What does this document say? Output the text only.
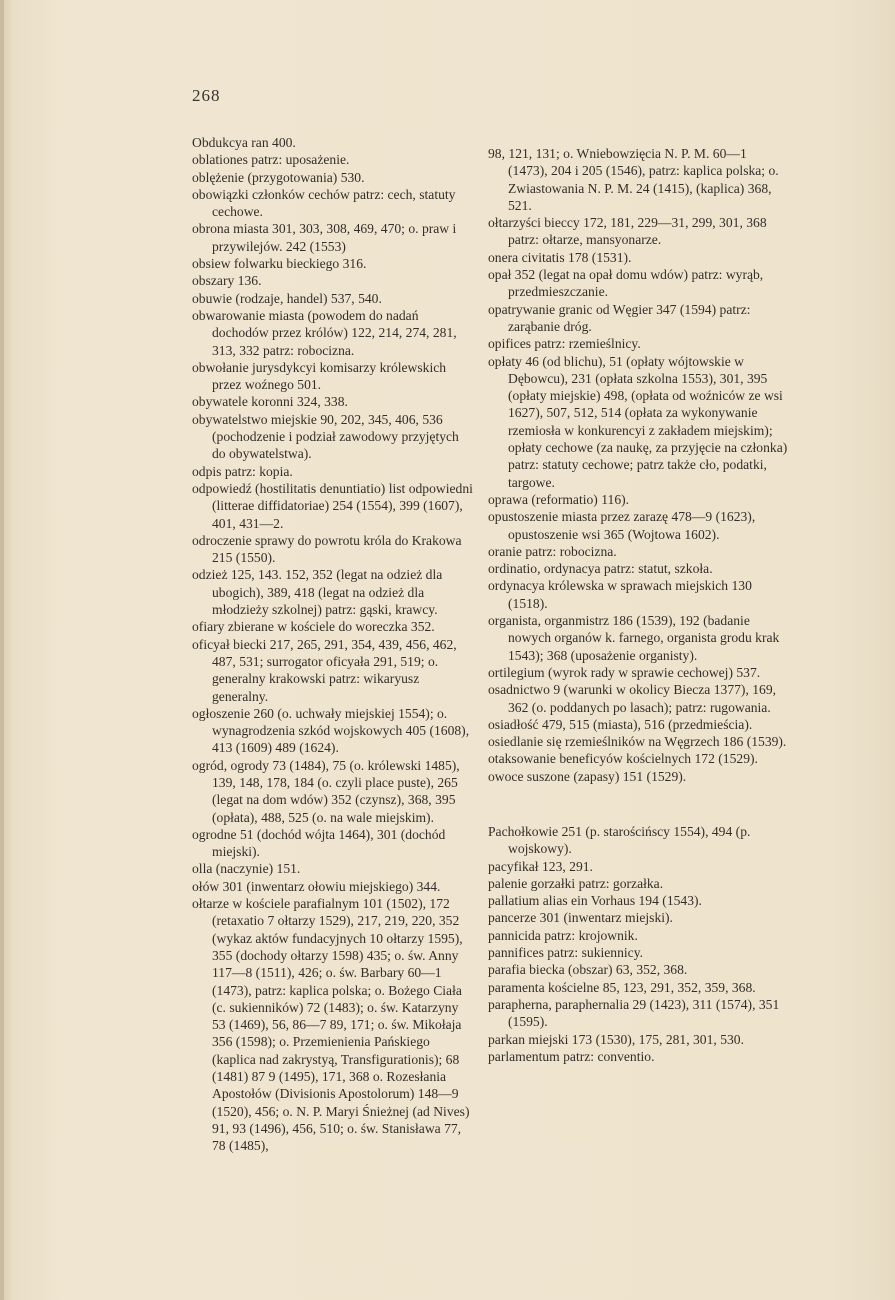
268

Obdukcya ran 400.

oblationes patrz: uposażenie.

oblężenie (przygotowania) 530.

obowiązki członków cechów patrz: cech, statuty cechowe.

obrona miasta 301, 303, 308, 469, 470; o. praw i przywilejów. 242 (1553)

obsiew folwarku bieckiego 316.

obszary 136.

obuwie (rodzaje, handel) 537, 540.

obwarowanie miasta (powodem do nadań dochodów przez królów) 122, 214, 274, 281, 313, 332 patrz: robocizna.

obwołanie jurysdykcyi komisarzy królewskich przez woźnego 501.

obywatele koronni 324, 338.

obywatelstwo miejskie 90, 202, 345, 406, 536 (pochodzenie i podział zawodowy przyjętych do obywatelstwa).

odpis patrz: kopia.

odpowiedź (hostilitatis denuntiatio) list odpowiedni (litterae diffidatoriae) 254 (1554), 399 (1607), 401, 431—2.

odroczenie sprawy do powrotu króla do Krakowa 215 (1550).

odzież 125, 143. 152, 352 (legat na odzież dla ubogich), 389, 418 (legat na odzież dla młodzieży szkolnej) patrz: gąski, krawcy.

ofiary zbierane w kościele do woreczka 352.

oficyał biecki 217, 265, 291, 354, 439, 456, 462, 487, 531; surrogator oficyała 291, 519; o. generalny krakowski patrz: wikaryusz generalny.

ogłoszenie 260 (o. uchwały miejskiej 1554); o. wynagrodzenia szkód wojskowych 405 (1608), 413 (1609) 489 (1624).

ogród, ogrody 73 (1484), 75 (o. królewski 1485), 139, 148, 178, 184 (o. czyli place puste), 265 (legat na dom wdów) 352 (czynsz), 368, 395 (opłata), 488, 525 (o. na wale miejskim).

ogrodne 51 (dochód wójta 1464), 301 (dochód miejski).

olla (naczynie) 151.

ołów 301 (inwentarz ołowiu miejskiego) 344.

ołtarze w kościele parafialnym 101 (1502), 172 (retaxatio 7 ołtarzy 1529), 217, 219, 220, 352 (wykaz aktów fundacyjnych 10 ołtarzy 1595), 355 (dochody ołtarzy 1598) 435; o. św. Anny 117—8 (1511), 426; o. św. Barbary 60—1 (1473), patrz: kaplica polska; o. Bożego Ciała (c. sukienników) 72 (1483); o. św. Katarzyny 53 (1469), 56, 86—7 89, 171; o. św. Mikołaja 356 (1598); o. Przemienienia Pańskiego (kaplica nad zakrystyą, Transfigurationis); 68 (1481) 87 9 (1495), 171, 368 o. Rozesłania Apostołów (Divisionis Apostolorum) 148—9 (1520), 456; o. N. P. Maryi Śnieżnej (ad Nives) 91, 93 (1496), 456, 510; o. św. Stanisława 77, 78 (1485),

98, 121, 131; o. Wniebowzięcia N. P. M. 60—1 (1473), 204 i 205 (1546), patrz: kaplica polska; o. Zwiastowania N. P. M. 24 (1415), (kaplica) 368, 521.

ołtarzyści bieccy 172, 181, 229—31, 299, 301, 368 patrz: ołtarze, mansyonarze.

onera civitatis 178 (1531).

opał 352 (legat na opał domu wdów) patrz: wyrąb, przedmieszczanie.

opatrywanie granic od Węgier 347 (1594) patrz: zarąbanie dróg.

opifices patrz: rzemieślnicy.

opłaty 46 (od blichu), 51 (opłaty wójtowskie w Dębowcu), 231 (opłata szkolna 1553), 301, 395 (opłaty miejskie) 498, (opłata od woźniców ze wsi 1627), 507, 512, 514 (opłata za wykonywanie rzemiosła w konkurencyi z zakładem miejskim); opłaty cechowe (za naukę, za przyjęcie na członka) patrz: statuty cechowe; patrz także cło, podatki, targowe.

oprawa (reformatio) 116).

opustoszenie miasta przez zarazę 478—9 (1623), opustoszenie wsi 365 (Wojtowa 1602).

oranie patrz: robocizna.

ordinatio, ordynacya patrz: statut, szkoła.

ordynacya królewska w sprawach miejskich 130 (1518).

organista, organmistrz 186 (1539), 192 (badanie nowych organów k. farnego, organista grodu krak 1543); 368 (uposażenie organisty).

ortilegium (wyrok rady w sprawie cechowej) 537.

osadnictwo 9 (warunki w okolicy Biecza 1377), 169, 362 (o. poddanych po lasach); patrz: rugowania.

osiadłość 479, 515 (miasta), 516 (przedmieścia).

osiedlanie się rzemieślników na Węgrzech 186 (1539).

otaksowanie beneficyów kościelnych 172 (1529).

owoce suszone (zapasy) 151 (1529).

Pachołkowie 251 (p. starościńscy 1554), 494 (p. wojskowy).

pacyfikał 123, 291.

palenie gorzałki patrz: gorzałka.

pallatium alias ein Vorhaus 194 (1543).

pancerze 301 (inwentarz miejski).

pannicida patrz: krojownik.

pannifices patrz: sukiennicy.

parafia biecka (obszar) 63, 352, 368.

paramenta kościelne 85, 123, 291, 352, 359, 368.

parapherna, paraphernalia 29 (1423), 311 (1574), 351 (1595).

parkan miejski 173 (1530), 175, 281, 301, 530.

parlamentum patrz: conventio.
